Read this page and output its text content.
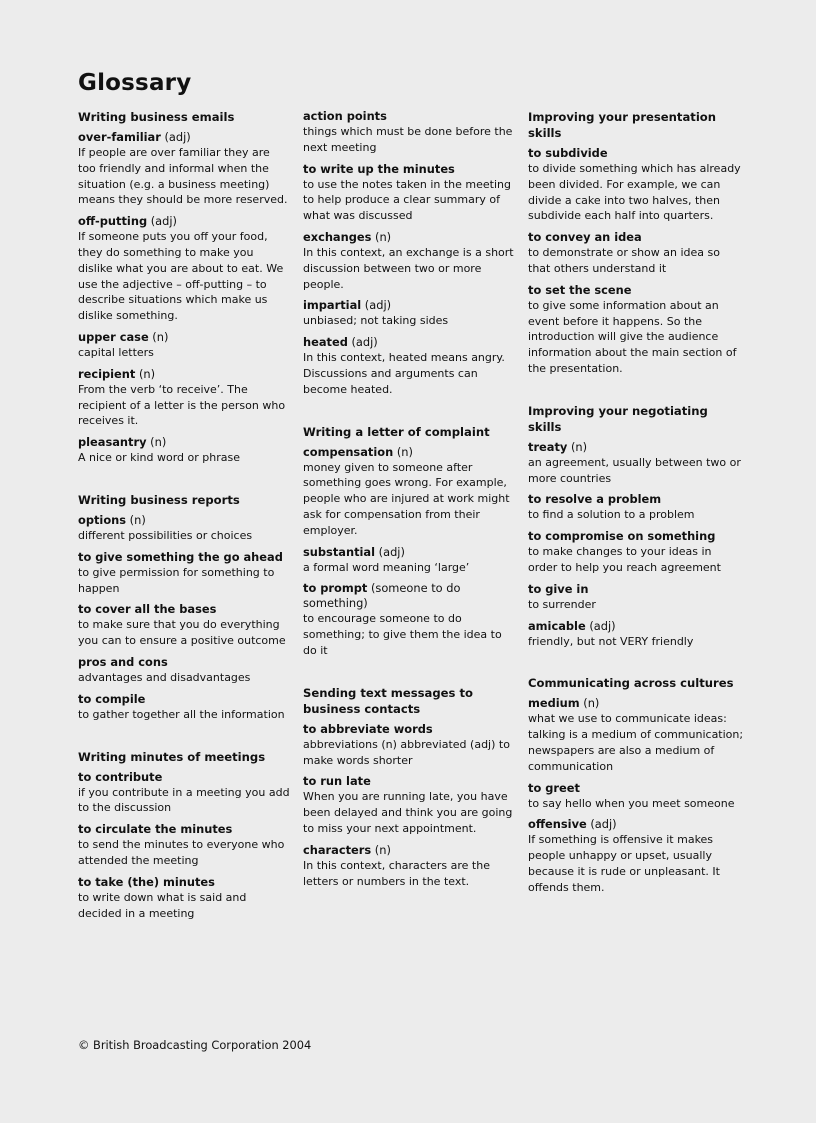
Glossary
Writing business emails
over-familiar (adj)

If people are over familiar they are too friendly and informal when the situation (e.g. a business meeting) means they should be more reserved.

off-putting (adj)

If someone puts you off your food, they do something to make you dislike what you are about to eat. We use the adjective – off-putting – to describe situations which make us dislike something.

upper case (n)

capital letters

recipient (n)

From the verb ‘to receive’. The recipient of a letter is the person who receives it.

pleasantry (n)

A nice or kind word or phrase

Writing business reports
options (n)

different possibilities or choices

to give something the go ahead

to give permission for something to happen

to cover all the bases

to make sure that you do everything you can to ensure a positive outcome

pros and cons

advantages and disadvantages

to compile

to gather together all the information

Writing minutes of meetings
to contribute

if you contribute in a meeting you add to the discussion

to circulate the minutes

to send the minutes to everyone who attended the meeting

to take (the) minutes

to write down what is said and decided in a meeting

action points

things which must be done before the next meeting

to write up the minutes

to use the notes taken in the meeting to help produce a clear summary of what was discussed

exchanges (n)

In this context, an exchange is a short discussion between two or more people.

impartial (adj)

unbiased; not taking sides

heated (adj)

In this context, heated means angry. Discussions and arguments can become heated.

Writing a letter of complaint
compensation (n)

money given to someone after something goes wrong. For example, people who are injured at work might ask for compensation from their employer.

substantial (adj)

a formal word meaning ‘large’

to prompt (someone to do something)

to encourage someone to do something; to give them the idea to do it

Sending text messages to business contacts
to abbreviate words

abbreviations (n) abbreviated (adj) to make words shorter

to run late

When you are running late, you have been delayed and think you are going to miss your next appointment.

characters (n)

In this context, characters are the letters or numbers in the text.

Improving your presentation skills
to subdivide

to divide something which has already been divided. For example, we can divide a cake into two halves, then subdivide each half into quarters.

to convey an idea

to demonstrate or show an idea so that others understand it

to set the scene

to give some information about an event before it happens. So the introduction will give the audience information about the main section of the presentation.

Improving your negotiating skills
treaty (n)

an agreement, usually between two or more countries

to resolve a problem

to find a solution to a problem

to compromise on something

to make changes to your ideas in order to help you reach agreement

to give in

to surrender

amicable (adj)

friendly, but not VERY friendly

Communicating across cultures
medium (n)

what we use to communicate ideas: talking is a medium of communication; newspapers are also a medium of communication

to greet

to say hello when you meet someone

offensive (adj)

If something is offensive it makes people unhappy or upset, usually because it is rude or unpleasant. It offends them.

© British Broadcasting Corporation 2004
